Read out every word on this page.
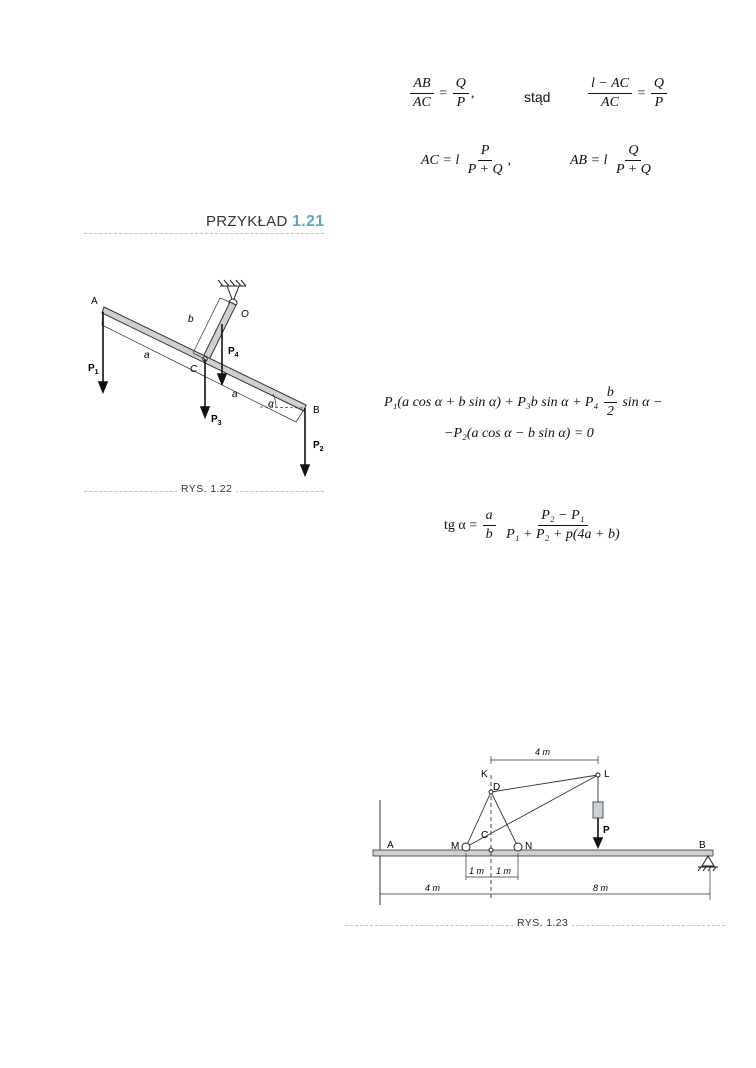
$\frac{AB}{AC} = \frac{Q}{P}$ ,	stąd	$\frac{l - AC}{AC} = \frac{Q}{P}$
AC = l $\frac{P}{P + Q}$ ,	AB = l $\frac{Q}{P + Q}$
PRZYKŁAD 1.21
A
O
b
a
C
a
α
B
$P_1$
$P_3$
$P_4$
$P_2$
RYS. 1.22
P₁(a cos α + b sin α) + P₃b $\sin \alpha + P_4 \frac{b}{2}$ sin α −
−P₂(a cos α − b sin α) = 0
tg $\alpha = \frac{a}{b}$
$\frac{\text{P₂ − P₁}}{\text{P₁ + P₂ + p(4a + b)}}$
4 m
K	L
D
C
M	N
P
A	B
1 m 1 m
4 m	8 m
RYS. 1.23
